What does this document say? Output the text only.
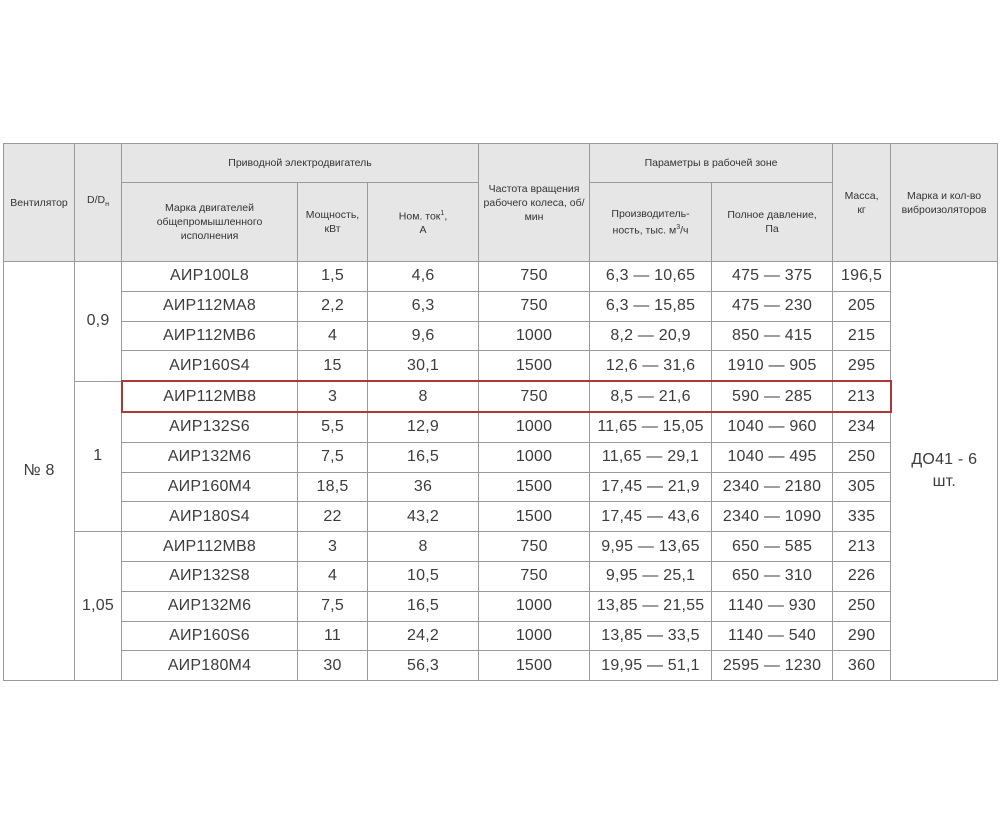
Вентилятор	$D/D_н$	Приводной электродвигатель			Частота вращения рабочего колеса, об/мин	Параметры в рабочей зоне		Масса, кг	Марка и кол-во виброизоляторов
		Марка двигателей общепромышленного исполнения	Мощность, кВт	Ном. ток$^1$, А		Производитель-ность, тыс. $м^3/ч$	Полное давление, Па		
№ 8	0,9	АИР100L8	1,5	4,6	750	6,3 — 10,65	475 — 375	196,5	ДО41 - 6 шт.
		АИР112МА8	2,2	6,3	750	6,3 — 15,85	475 — 230	205	
		АИР112МВ6	4	9,6	1000	8,2 — 20,9	850 — 415	215	
		АИР160S4	15	30,1	1500	12,6 — 31,6	1910 — 905	295	
	1	АИР112МВ8	3	8	750	8,5 — 21,6	590 — 285	213	
		АИР132S6	5,5	12,9	1000	11,65 — 15,05	1040 — 960	234	
		АИР132М6	7,5	16,5	1000	11,65 — 29,1	1040 — 495	250	
		АИР160М4	18,5	36	1500	17,45 — 21,9	2340 — 2180	305	
		АИР180S4	22	43,2	1500	17,45 — 43,6	2340 — 1090	335	
	1,05	АИР112МВ8	3	8	750	9,95 — 13,65	650 — 585	213	
		АИР132S8	4	10,5	750	9,95 — 25,1	650 — 310	226	
		АИР132М6	7,5	16,5	1000	13,85 — 21,55	1140 — 930	250	
		АИР160S6	11	24,2	1000	13,85 — 33,5	1140 — 540	290	
		АИР180М4	30	56,3	1500	19,95 — 51,1	2595 — 1230	360	
